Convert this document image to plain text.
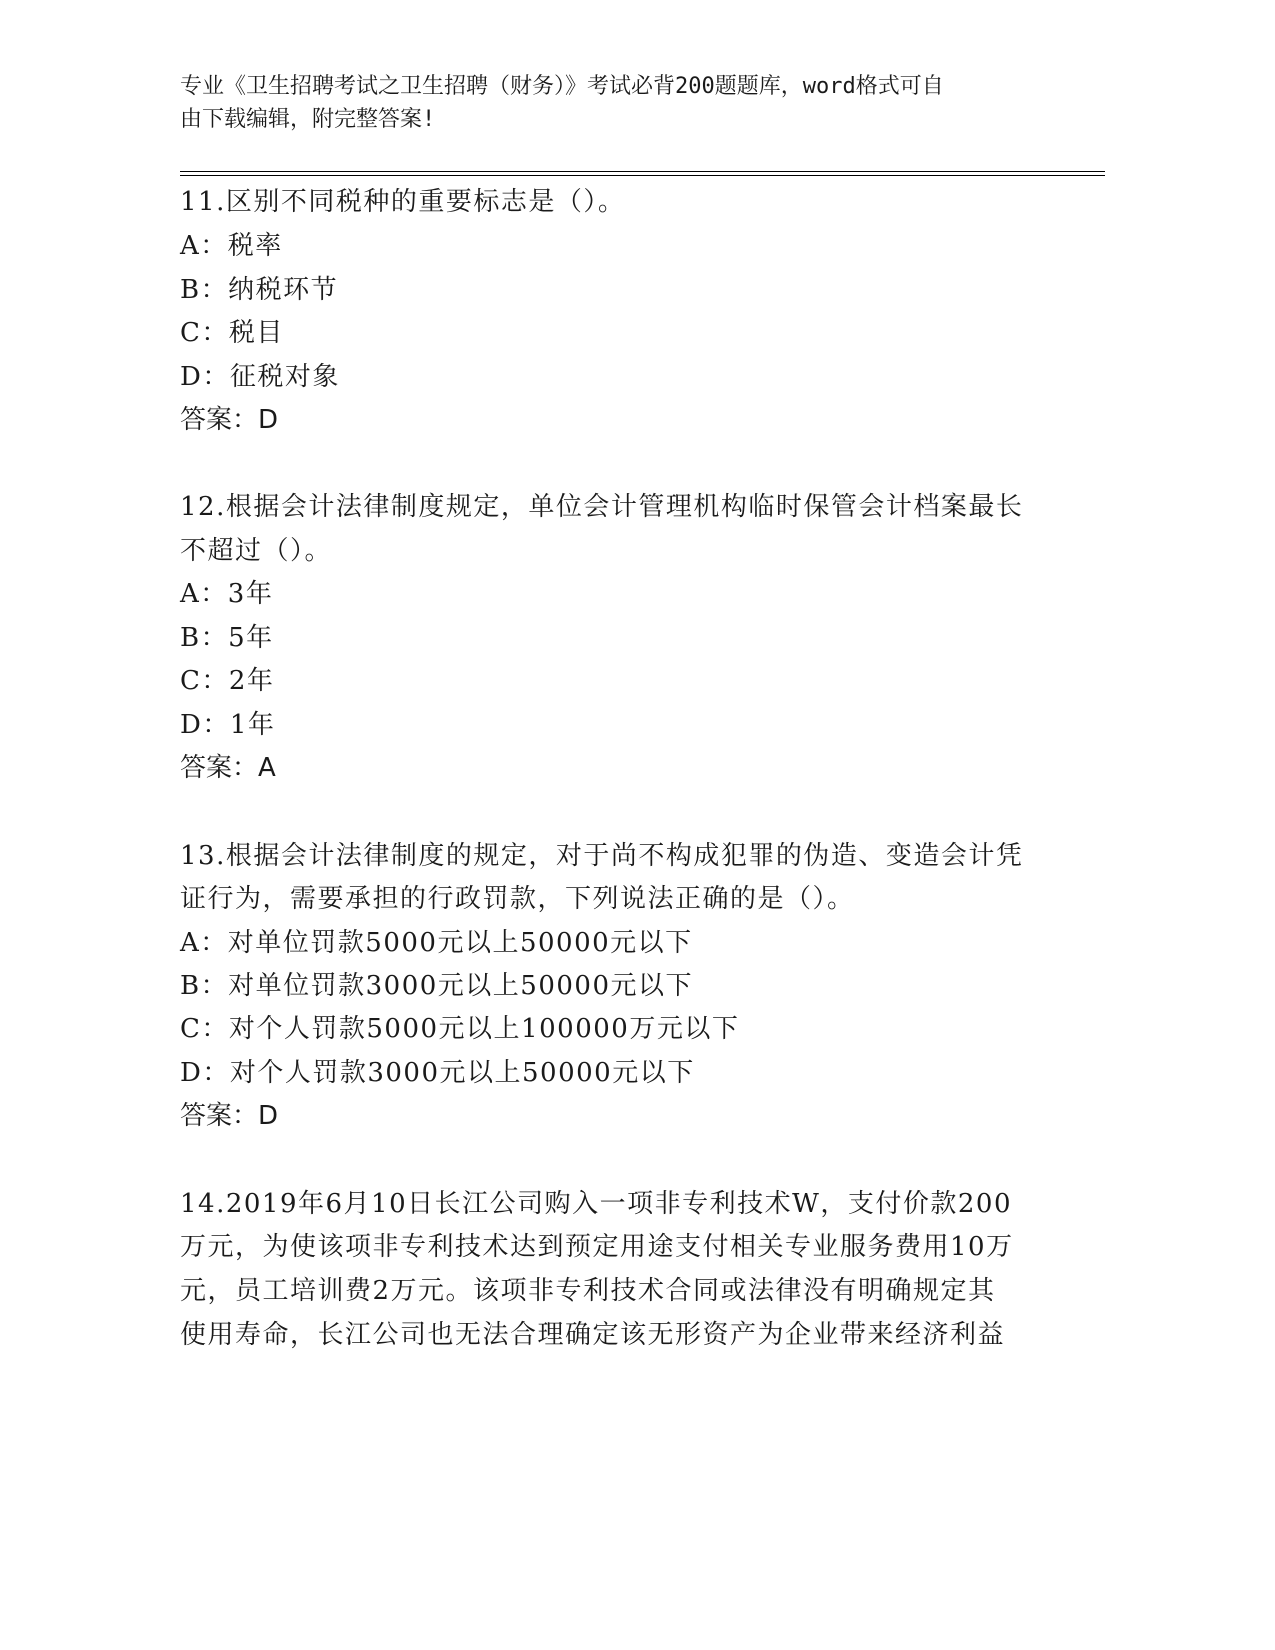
专业《卫生招聘考试之卫生招聘（财务）》考试必背200题题库，word格式可自
由下载编辑，附完整答案!
11.区别不同税种的重要标志是（）。
A：税率
B：纳税环节
C：税目
D：征税对象
答案：D
12.根据会计法律制度规定，单位会计管理机构临时保管会计档案最长
不超过（）。
A：3年
B：5年
C：2年
D：1年
答案：A
13.根据会计法律制度的规定，对于尚不构成犯罪的伪造、变造会计凭
证行为，需要承担的行政罚款，下列说法正确的是（）。
A：对单位罚款5000元以上50000元以下
B：对单位罚款3000元以上50000元以下
C：对个人罚款5000元以上100000万元以下
D：对个人罚款3000元以上50000元以下
答案：D
14.2019年6月10日长江公司购入一项非专利技术W，支付价款200
万元，为使该项非专利技术达到预定用途支付相关专业服务费用10万
元，员工培训费2万元。该项非专利技术合同或法律没有明确规定其
使用寿命，长江公司也无法合理确定该无形资产为企业带来经济利益
